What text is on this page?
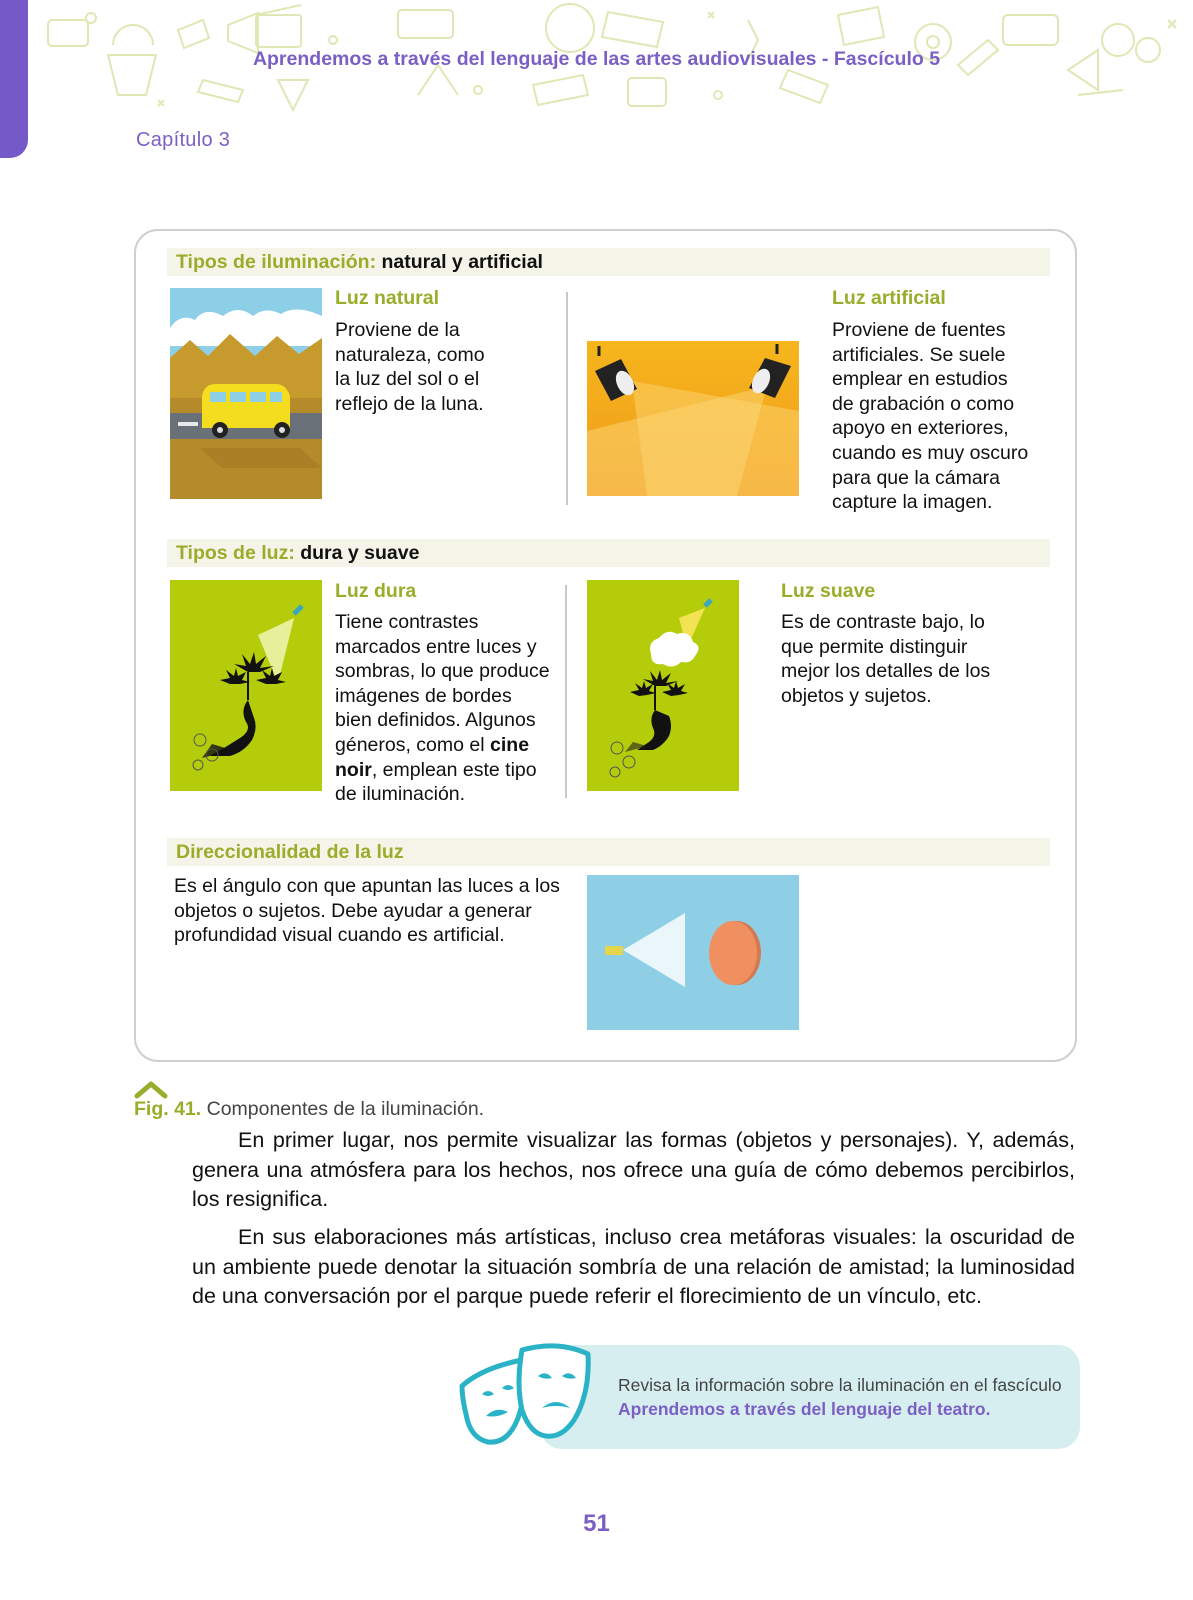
Aprendemos a través del lenguaje de las artes audiovisuales - Fascículo 5
Capítulo 3
Tipos de iluminación: natural y artificial
Luz natural
Proviene de la
naturaleza, como
la luz del sol o el
reflejo de la luna.
Luz artificial
Proviene de fuentes
artificiales. Se suele
emplear en estudios
de grabación o como
apoyo en exteriores,
cuando es muy oscuro
para que la cámara
capture la imagen.
Tipos de luz: dura y suave
Luz dura
Tiene contrastes
marcados entre luces y
sombras, lo que produce
imágenes de bordes
bien definidos. Algunos
géneros, como el cine
noir, emplean este tipo
de iluminación.
Luz suave
Es de contraste bajo, lo
que permite distinguir
mejor los detalles de los
objetos y sujetos.
Direccionalidad de la luz
Es el ángulo con que apuntan las luces a los
objetos o sujetos. Debe ayudar a generar
profundidad visual cuando es artificial.
Fig. 41. Componentes de la iluminación.
En primer lugar, nos permite visualizar las formas (objetos y personajes). Y, además, genera una atmósfera para los hechos, nos ofrece una guía de cómo debemos percibirlos, los resignifica.
En sus elaboraciones más artísticas, incluso crea metáforas visuales: la oscuridad de un ambiente puede denotar la situación sombría de una relación de amistad; la luminosidad de una conversación por el parque puede referir el florecimiento de un vínculo, etc.
Revisa la información sobre la iluminación en el fascículo Aprendemos a través del lenguaje del teatro.
51
